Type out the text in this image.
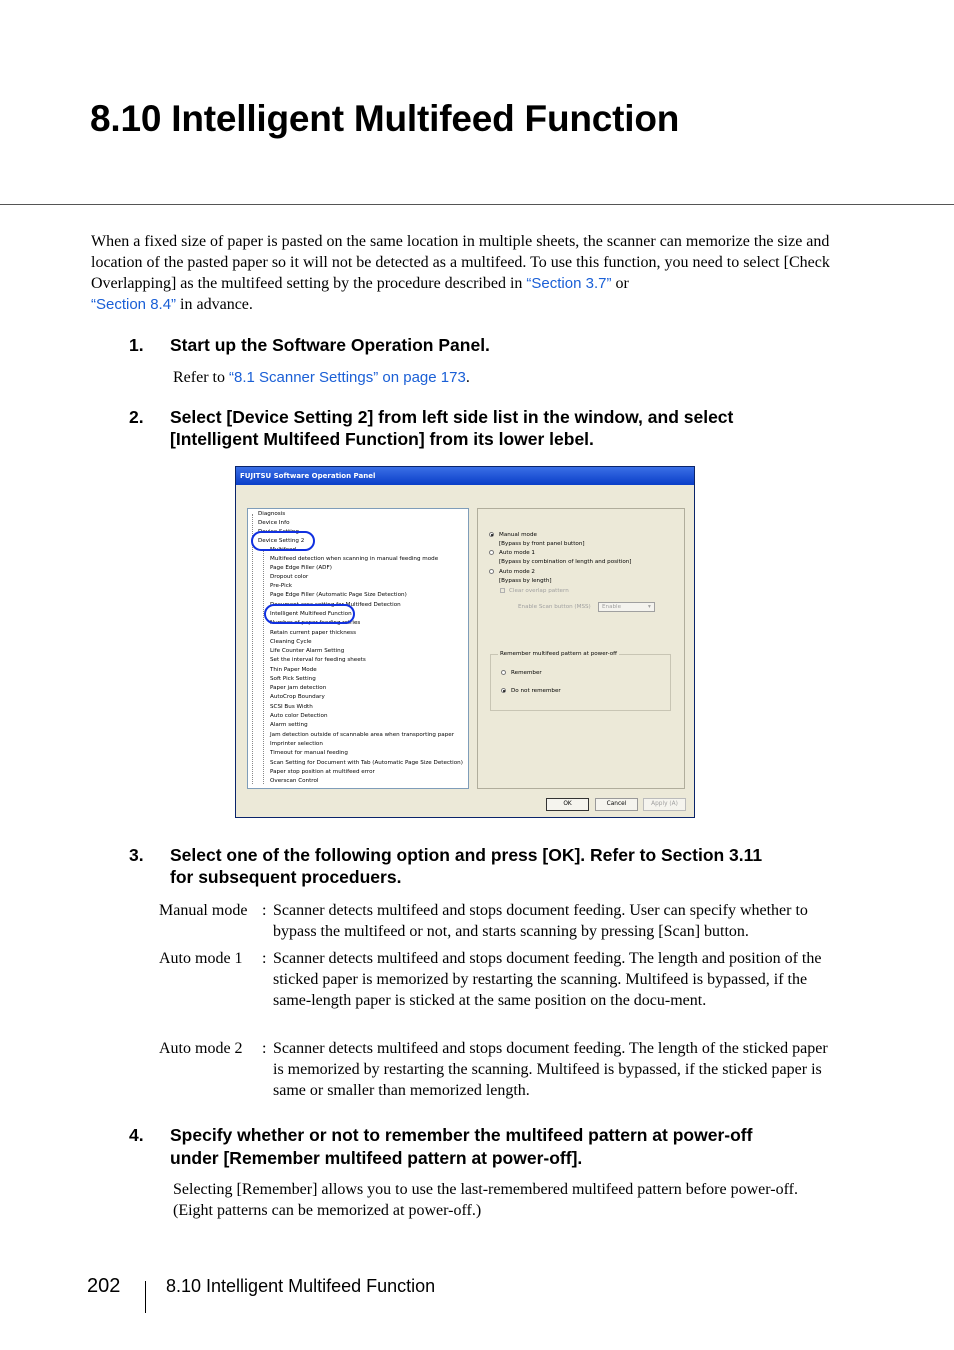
8.10 Intelligent Multifeed Function
When a fixed size of paper is pasted on the same location in multiple sheets, the scanner can memorize the size and location of the pasted paper so it will not be detected as a multifeed. To use this function, you need to select [Check Overlapping] as the multifeed setting by the procedure described in “Section 3.7” or
“Section 8.4” in advance.
1. Start up the Software Operation Panel.
Refer to “8.1 Scanner Settings” on page 173.
2. Select [Device Setting 2] from left side list in the window, and select
[Intelligent Multifeed Function] from its lower lebel.
FUJITSU Software Operation Panel
Diagnosis
Device Info
Device Setting
Device Setting 2
Multifeed
Multifeed detection when scanning in manual feeding mode
Page Edge Filler (ADF)
Dropout color
Pre-Pick
Page Edge Filler (Automatic Page Size Detection)
Document area setting for Multifeed Detection
Intelligent Multifeed Function
Number of paper feeding retries
Retain current paper thickness
Cleaning Cycle
Life Counter Alarm Setting
Set the interval for feeding sheets
Thin Paper Mode
Soft Pick Setting
Paper jam detection
AutoCrop Boundary
SCSI Bus Width
Auto color Detection
Alarm setting
Jam detection outside of scannable area when transporting paper
Imprinter selection
Timeout for manual feeding
Scan Setting for Document with Tab (Automatic Page Size Detection)
Paper stop position at multifeed error
Overscan Control
Manual mode
[Bypass by front panel button]
Auto mode 1
[Bypass by combination of length and position]
Auto mode 2
[Bypass by length]
Clear overlap pattern
Enable Scan button (MSS) Enable	▾
Remember multifeed pattern at power-off
Remember
Do not remember
OK	Cancel	Apply (A)
3. Select one of the following option and press [OK]. Refer to Section 3.11
for subsequent proceduers.
Manual mode : Scanner detects multifeed and stops document feeding. User can specify whether to bypass the multifeed or not, and starts scanning by pressing [Scan] button.
Auto mode 1 : Scanner detects multifeed and stops document feeding. The length and position of the sticked paper is memorized by restarting the scanning. Multifeed is bypassed, if the same-length paper is sticked at the same position on the docu-ment.
Auto mode 2 : Scanner detects multifeed and stops document feeding. The length of the sticked paper is memorized by restarting the scanning. Multifeed is bypassed, if the sticked paper is same or smaller than memorized length.
4. Specify whether or not to remember the multifeed pattern at power-off
under [Remember multifeed pattern at power-off].
Selecting [Remember] allows you to use the last-remembered multifeed pattern before power-off. (Eight patterns can be memorized at power-off.)
202	8.10 Intelligent Multifeed Function
